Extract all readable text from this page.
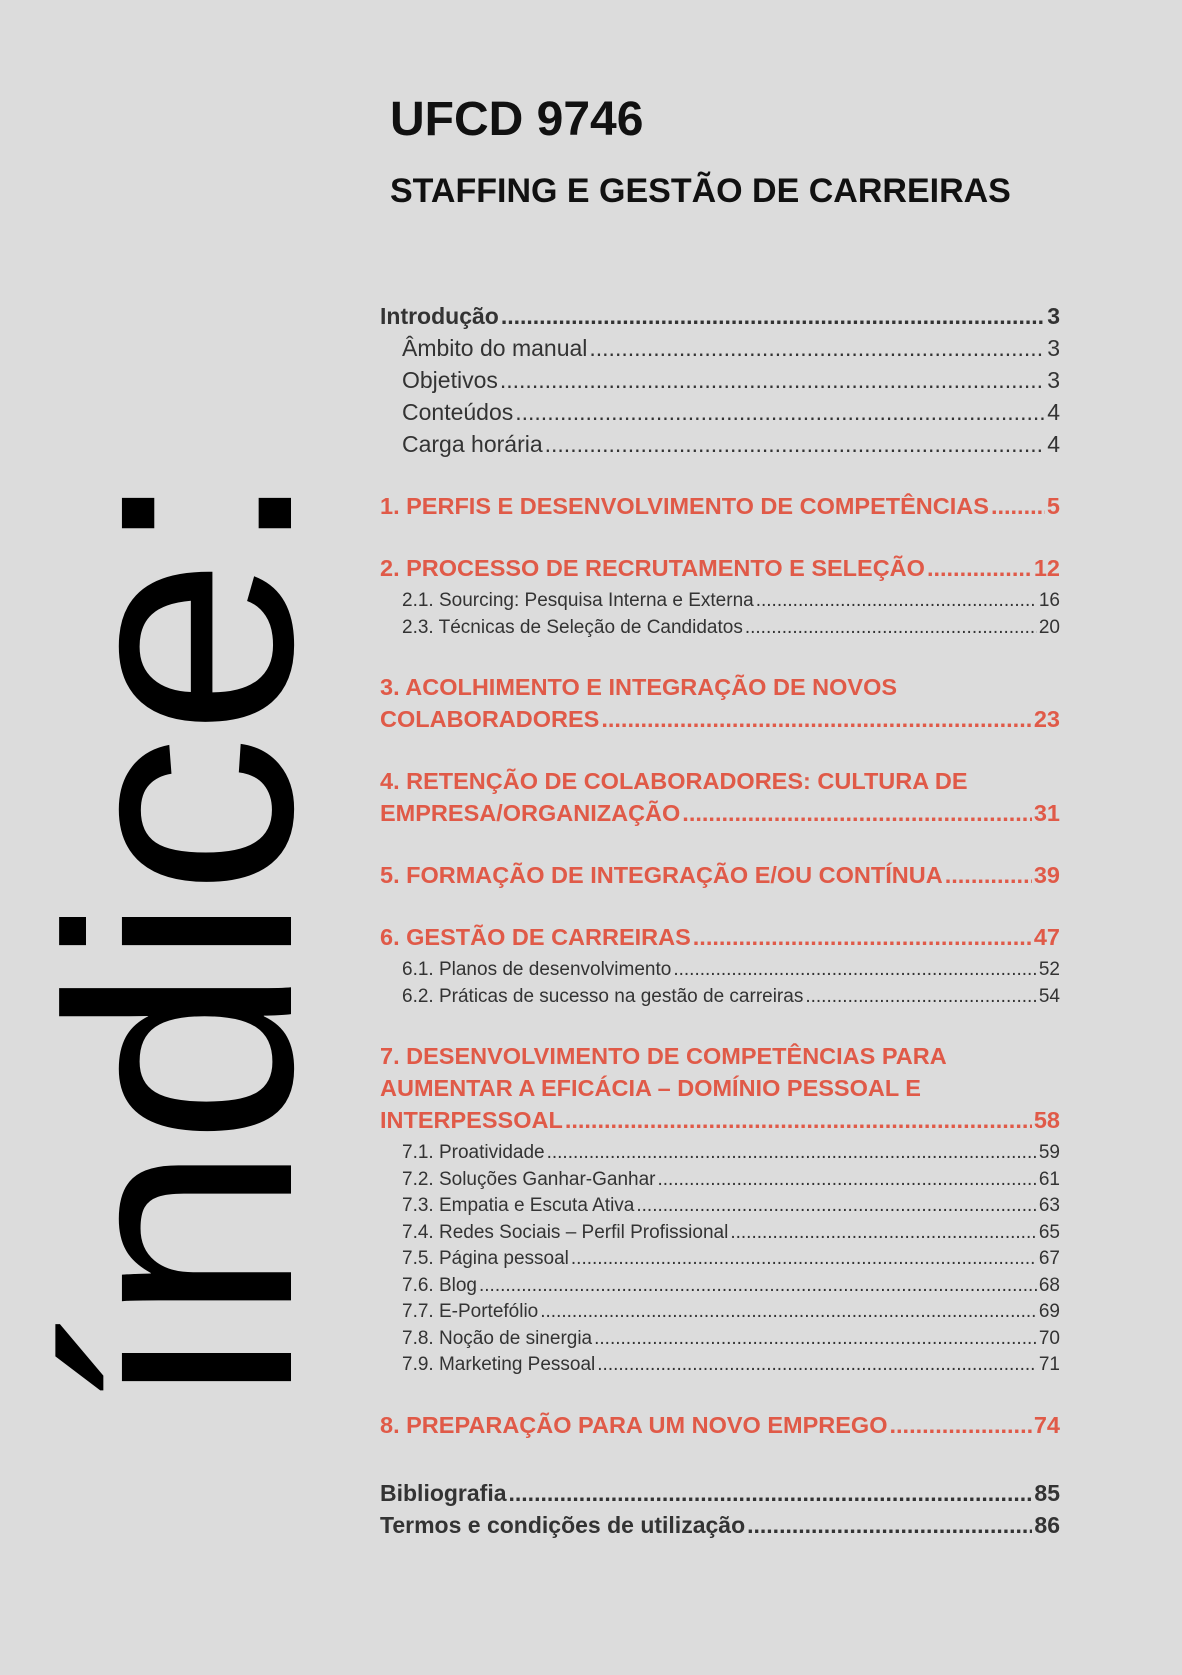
índice:
UFCD 9746
STAFFING E GESTÃO DE CARREIRAS
Introdução .....	3
Âmbito do manual .....	3
Objetivos .....	3
Conteúdos .....	4
Carga horária .....	4
1. PERFIS E DESENVOLVIMENTO DE COMPETÊNCIAS ..... 5
2. PROCESSO DE RECRUTAMENTO E SELEÇÃO .....	12
2.1. Sourcing: Pesquisa Interna e Externa .....	16
2.3. Técnicas de Seleção de Candidatos .....	20
3. ACOLHIMENTO E INTEGRAÇÃO DE NOVOS
COLABORADORES .....	23
4. RETENÇÃO DE COLABORADORES: CULTURA DE
EMPRESA/ORGANIZAÇÃO .....	31
5. FORMAÇÃO DE INTEGRAÇÃO E/OU CONTÍNUA .....	39
6. GESTÃO DE CARREIRAS .....	47
6.1. Planos de desenvolvimento .....	52
6.2. Práticas de sucesso na gestão de carreiras .....	54
7. DESENVOLVIMENTO DE COMPETÊNCIAS PARA
AUMENTAR A EFICÁCIA – DOMÍNIO PESSOAL E
INTERPESSOAL .....	58
7.1. Proatividade .....	59
7.2. Soluções Ganhar-Ganhar .....	61
7.3. Empatia e Escuta Ativa .....	63
7.4. Redes Sociais – Perfil Profissional .....	65
7.5. Página pessoal .....	67
7.6. Blog .....	68
7.7. E-Portefólio .....	69
7.8. Noção de sinergia .....	70
7.9. Marketing Pessoal .....	71
8. PREPARAÇÃO PARA UM NOVO EMPREGO .....	74
Bibliografia .....	85
Termos e condições de utilização .....	86
